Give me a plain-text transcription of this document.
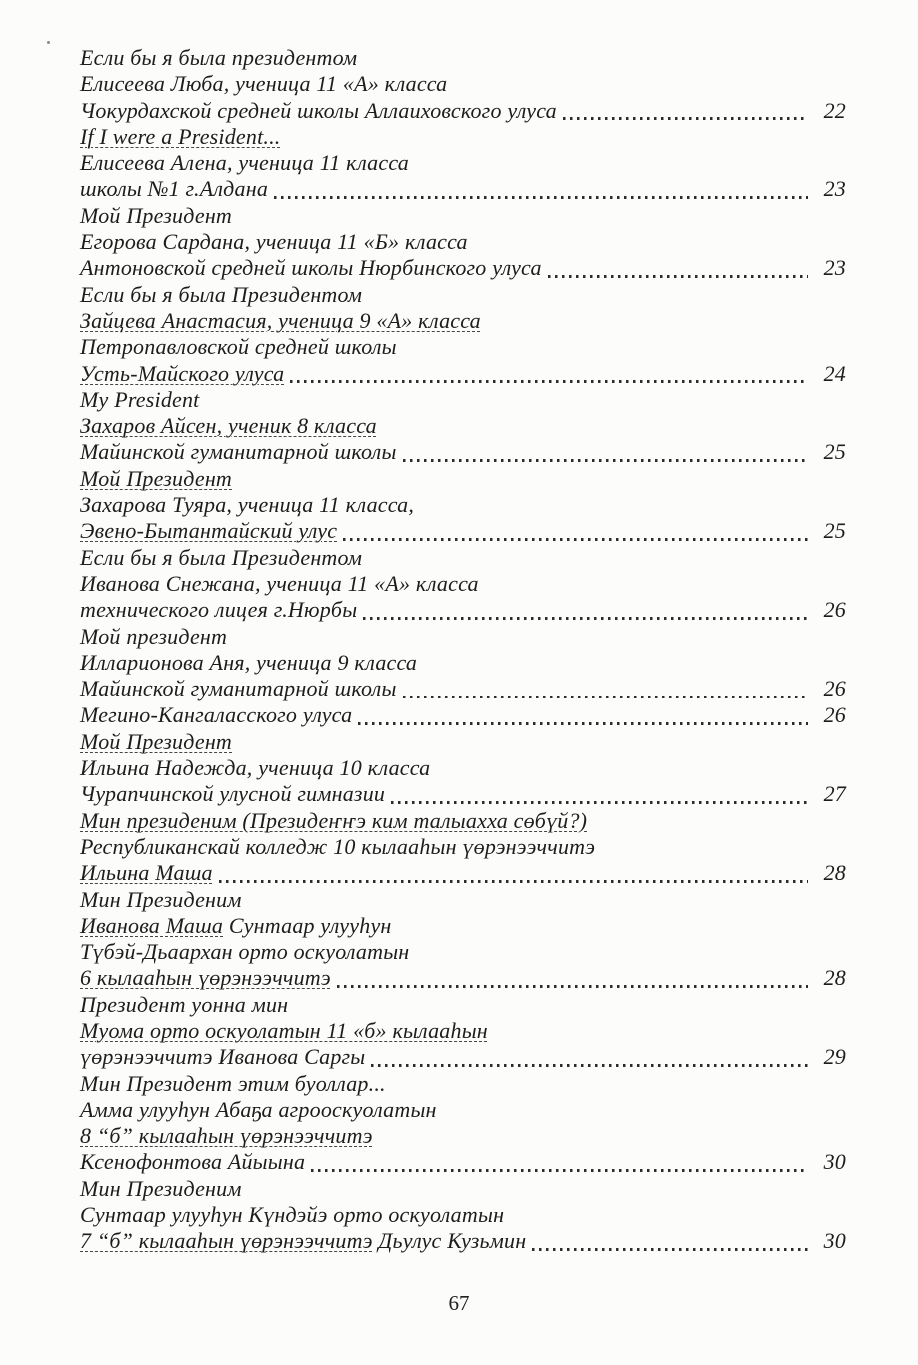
Если бы я была президентом
Елисеева Люба, ученица 11 «А» класса
Чокурдахской средней школы Аллаиховского улуса	22
If I were a President...
Елисеева Алена, ученица 11 класса
школы №1 г.Алдана	23
Мой Президент
Егорова Сардана, ученица 11 «Б» класса
Антоновской средней школы Нюрбинского улуса	23
Если бы я была Президентом
Зайцева Анастасия, ученица 9 «А» класса
Петропавловской средней школы
Усть-Майского улуса	24
My President
Захаров Айсен, ученик 8 класса
Майинской гуманитарной школы	25
Мой Президент
Захарова Туяра, ученица 11 класса,
Эвено-Бытантайский улус	25
Если бы я была Президентом
Иванова Снежана, ученица 11 «А» класса
технического лицея г.Нюрбы	26
Мой президент
Илларионова Аня, ученица 9 класса
Майинской гуманитарной школы	26
Мегино-Кангаласского улуса	26
Мой Президент
Ильина Надежда, ученица 10 класса
Чурапчинской улусной гимназии	27
Мин президеним (Президеҥҥэ ким талыахха сөбүй?)
Республиканскай колледж 10 кылааһын үөрэнээччитэ
Ильина Маша	28
Мин Президеним
Иванова Маша Сунтаар улууһун
Түбэй-Дьаархан орто оскуолатын
6 кылааһын үөрэнээччитэ	28
Президент уонна мин
Муома орто оскуолатын 11 «б» кылааһын
үөрэнээччитэ Иванова Саргы	29
Мин Президент этим буоллар...
Амма улууһун Абаҕа агрооскуолатын
8 “б” кылааһын үөрэнээччитэ
Ксенофонтова Айыына	30
Мин Президеним
Сунтаар улууһун Күндэйэ орто оскуолатын
7 “б” кылааһын үөрэнээччитэ Дьулус Кузьмин	30
67
